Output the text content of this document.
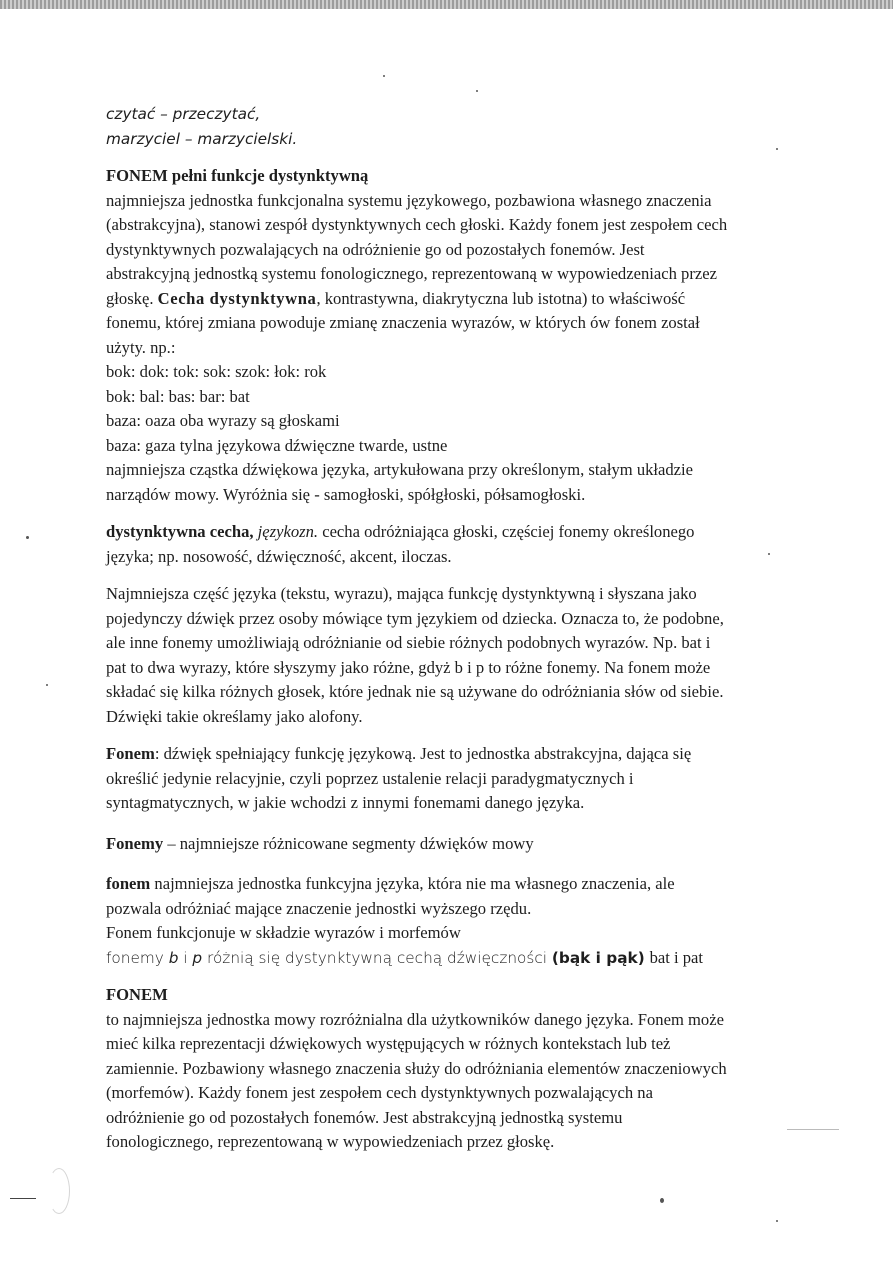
czytać – przeczytać,

marzyciel – marzycielski.

FONEM pełni funkcje dystynktywną

najmniejsza jednostka funkcjonalna systemu językowego, pozbawiona własnego znaczenia

(abstrakcyjna), stanowi zespół dystynktywnych cech głoski. Każdy fonem jest zespołem cech

dystynktywnych pozwalających na odróżnienie go od pozostałych fonemów. Jest

abstrakcyjną jednostką systemu fonologicznego, reprezentowaną w wypowiedzeniach przez

głoskę. Cecha dystynktywna, kontrastywna, diakrytyczna lub istotna) to właściwość

fonemu, której zmiana powoduje zmianę znaczenia wyrazów, w których ów fonem został

użyty. np.:

bok: dok: tok: sok: szok: łok: rok

bok: bal: bas: bar: bat

baza: oaza oba wyrazy są głoskami

baza: gaza tylna językowa dźwięczne twarde, ustne

najmniejsza cząstka dźwiękowa języka, artykułowana przy określonym, stałym układzie

narządów mowy. Wyróżnia się - samogłoski, spółgłoski, półsamogłoski.

dystynktywna cecha, językozn. cecha odróżniająca głoski, częściej fonemy określonego

języka; np. nosowość, dźwięczność, akcent, iloczas.

Najmniejsza część języka (tekstu, wyrazu), mająca funkcję dystynktywną i słyszana jako

pojedynczy dźwięk przez osoby mówiące tym językiem od dziecka. Oznacza to, że podobne,

ale inne fonemy umożliwiają odróżnianie od siebie różnych podobnych wyrazów. Np. bat i

pat to dwa wyrazy, które słyszymy jako różne, gdyż b i p to różne fonemy. Na fonem może

składać się kilka różnych głosek, które jednak nie są używane do odróżniania słów od siebie.

Dźwięki takie określamy jako alofony.

Fonem: dźwięk spełniający funkcję językową. Jest to jednostka abstrakcyjna, dająca się

określić jedynie relacyjnie, czyli poprzez ustalenie relacji paradygmatycznych i

syntagmatycznych, w jakie wchodzi z innymi fonemami danego języka.

Fonemy – najmniejsze różnicowane segmenty dźwięków mowy

fonem najmniejsza jednostka funkcyjna języka, która nie ma własnego znaczenia, ale

pozwala odróżniać mające znaczenie jednostki wyższego rzędu.

Fonem funkcjonuje w składzie wyrazów i morfemów

fonemy b i p różnią się dystynktywną cechą dźwięczności (bąk i pąk) bat i pat

FONEM

to najmniejsza jednostka mowy rozróżnialna dla użytkowników danego języka. Fonem może

mieć kilka reprezentacji dźwiękowych występujących w różnych kontekstach lub też

zamiennie. Pozbawiony własnego znaczenia służy do odróżniania elementów znaczeniowych

(morfemów). Każdy fonem jest zespołem cech dystynktywnych pozwalających na

odróżnienie go od pozostałych fonemów. Jest abstrakcyjną jednostką systemu

fonologicznego, reprezentowaną w wypowiedzeniach przez głoskę.
